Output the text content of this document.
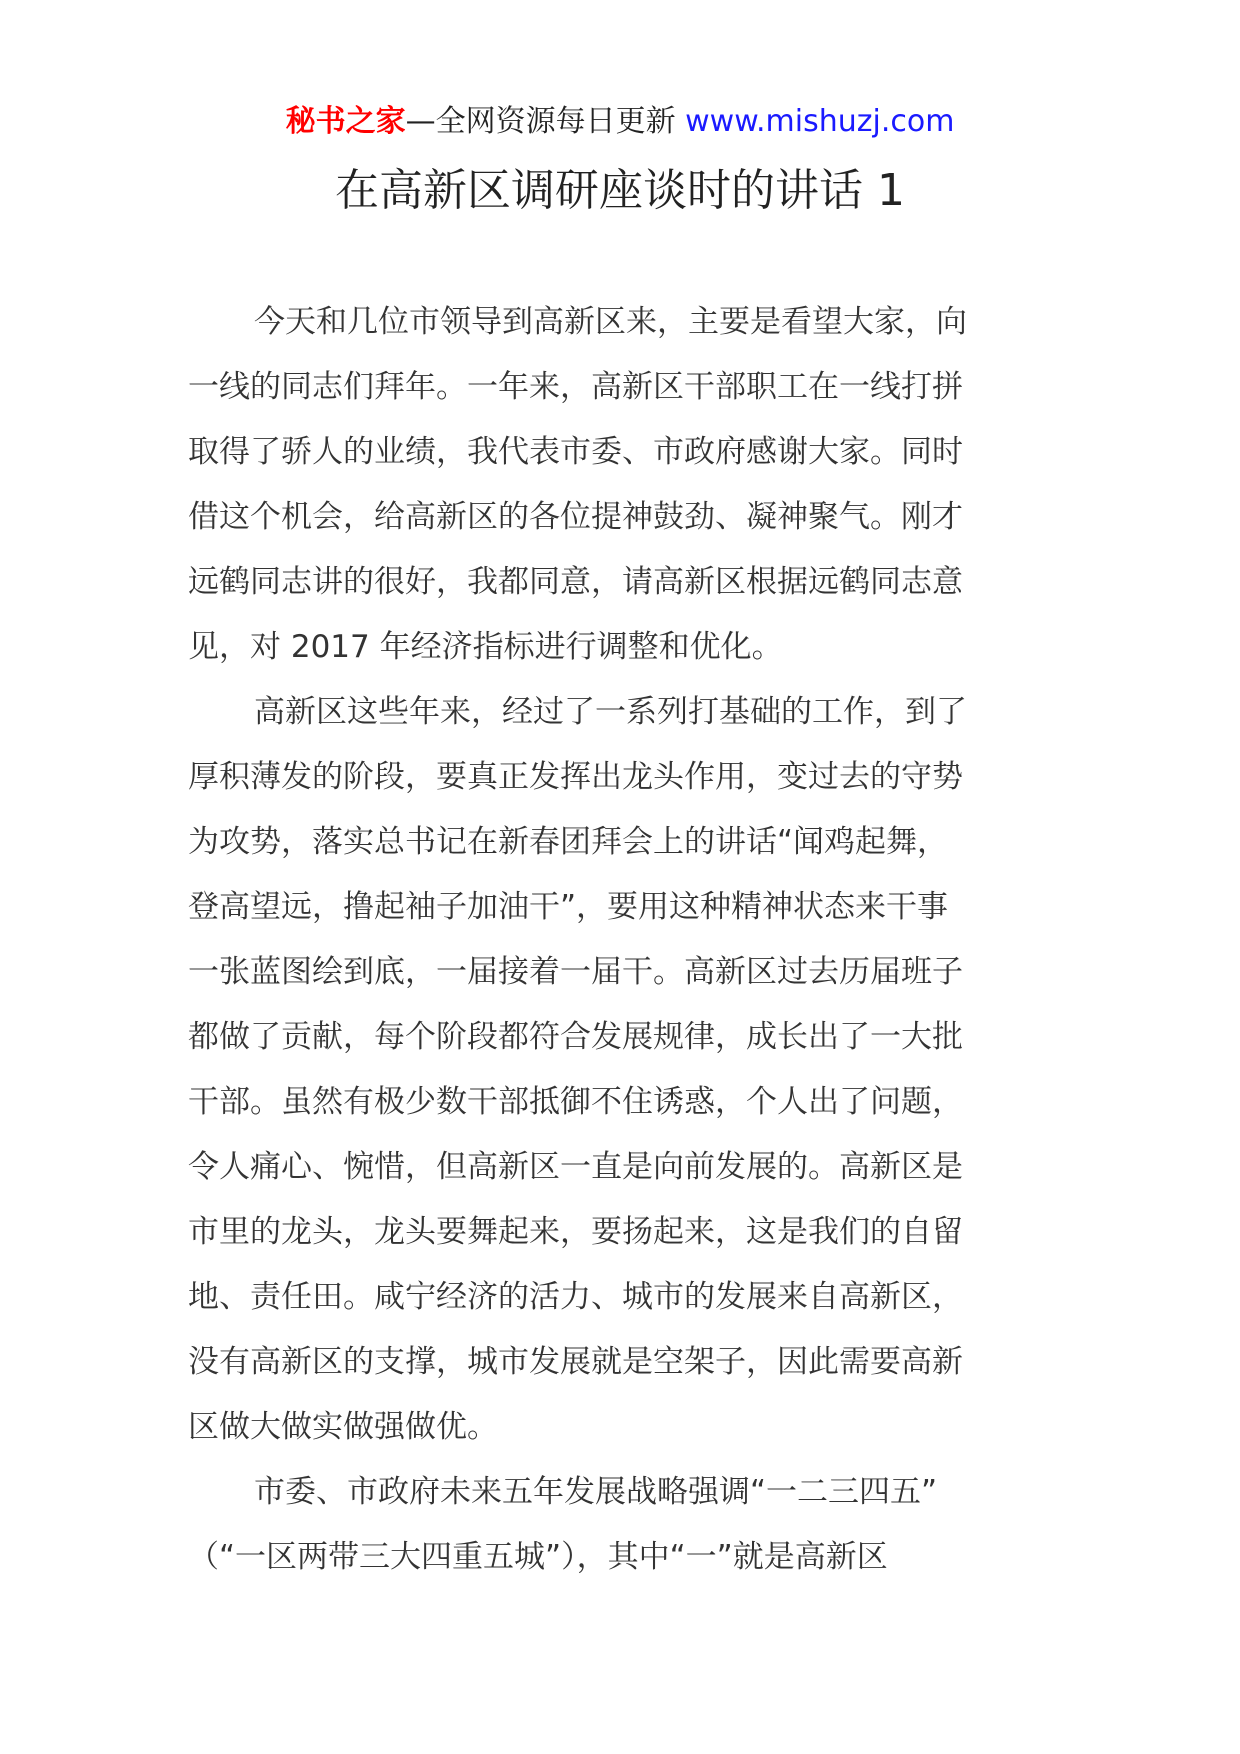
秘书之家—全网资源每日更新 www.mishuzj.com
在高新区调研座谈时的讲话 1
今天和几位市领导到高新区来，主要是看望大家，向
一线的同志们拜年。一年来，高新区干部职工在一线打拼
取得了骄人的业绩，我代表市委、市政府感谢大家。同时
借这个机会，给高新区的各位提神鼓劲、凝神聚气。刚才
远鹤同志讲的很好，我都同意，请高新区根据远鹤同志意
见，对 2017 年经济指标进行调整和优化。
高新区这些年来，经过了一系列打基础的工作，到了
厚积薄发的阶段，要真正发挥出龙头作用，变过去的守势
为攻势，落实总书记在新春团拜会上的讲话“闻鸡起舞，
登高望远，撸起袖子加油干”，要用这种精神状态来干事
一张蓝图绘到底，一届接着一届干。高新区过去历届班子
都做了贡献，每个阶段都符合发展规律，成长出了一大批
干部。虽然有极少数干部抵御不住诱惑，个人出了问题，
令人痛心、惋惜，但高新区一直是向前发展的。高新区是
市里的龙头，龙头要舞起来，要扬起来，这是我们的自留
地、责任田。咸宁经济的活力、城市的发展来自高新区，
没有高新区的支撑，城市发展就是空架子，因此需要高新
区做大做实做强做优。
市委、市政府未来五年发展战略强调“一二三四五”
（“一区两带三大四重五城”），其中“一”就是高新区
